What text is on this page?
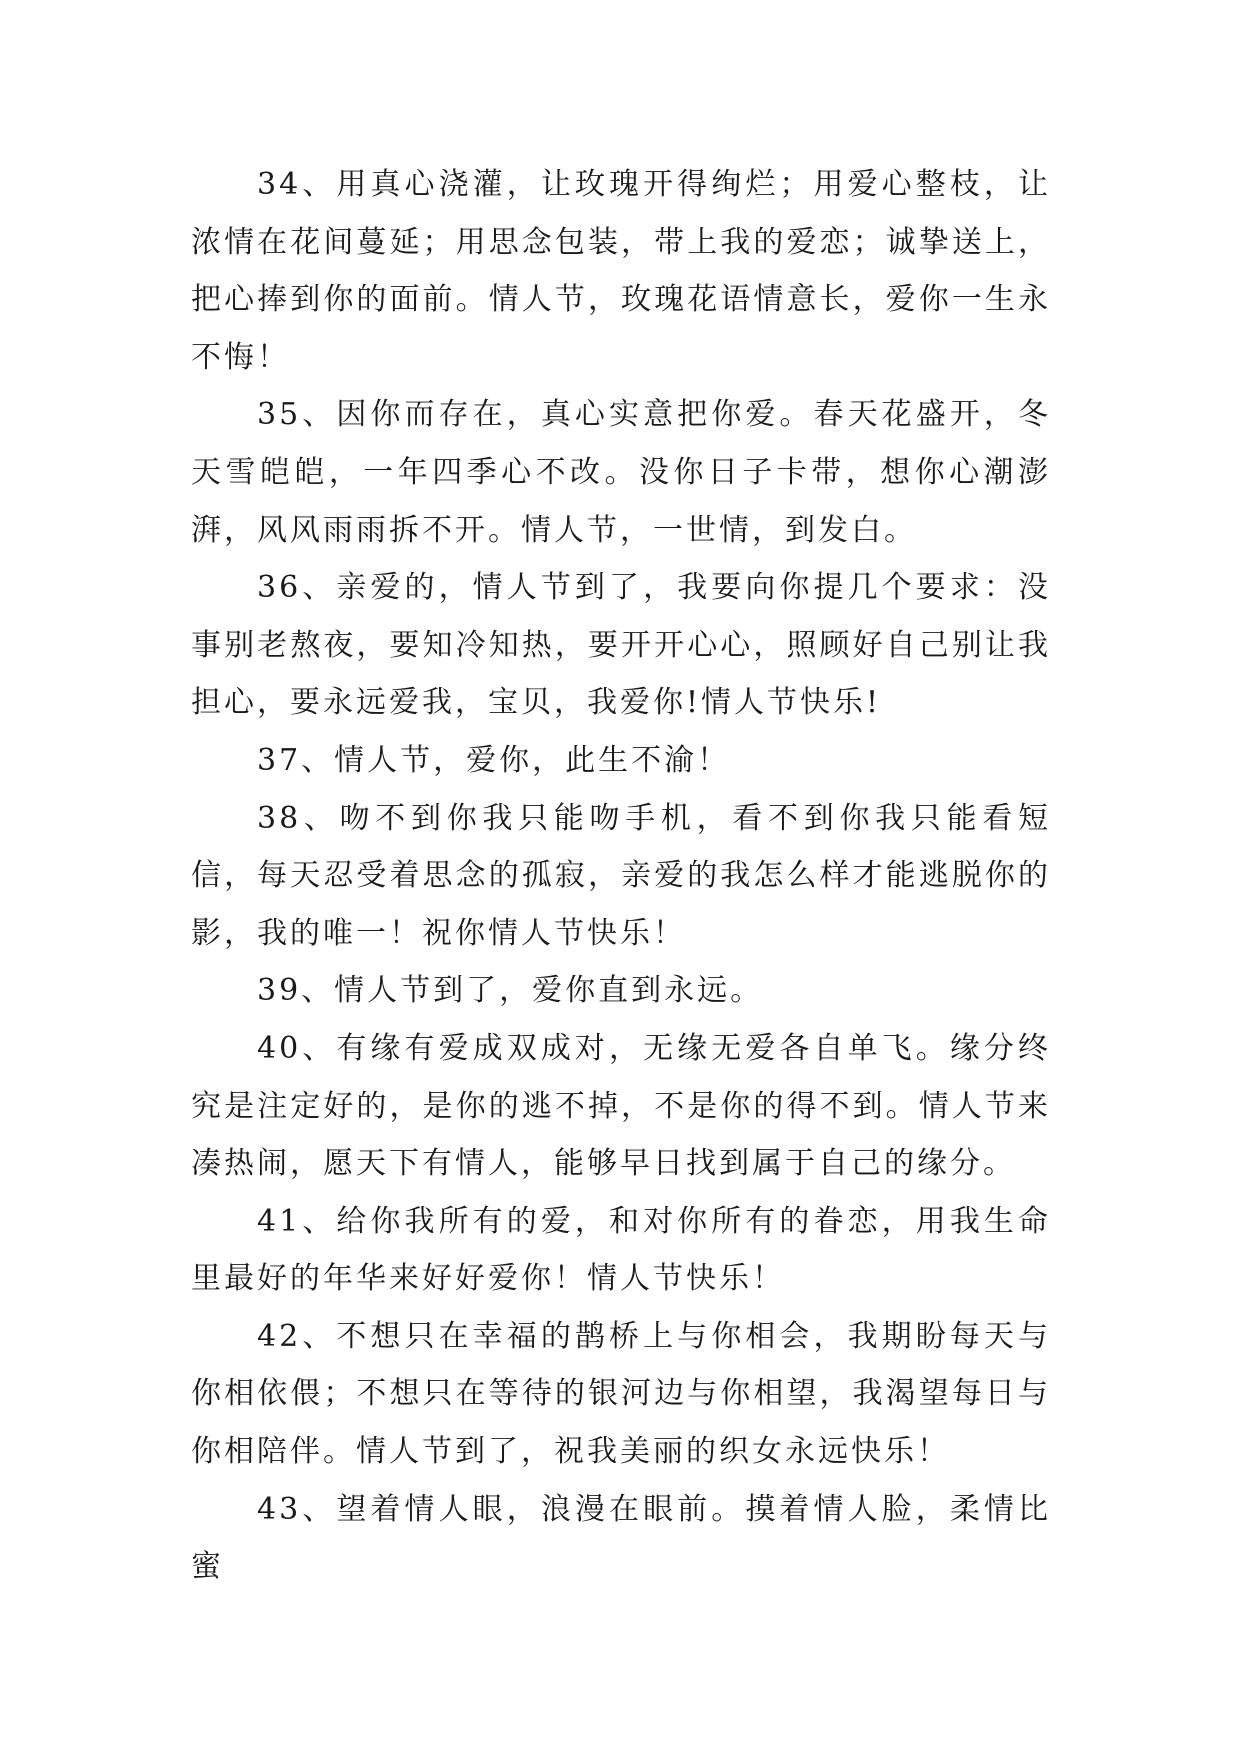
34、用真心浇灌，让玫瑰开得绚烂；用爱心整枝，让浓情在花间蔓延；用思念包装，带上我的爱恋；诚挚送上，把心捧到你的面前。情人节，玫瑰花语情意长，爱你一生永不悔！

35、因你而存在，真心实意把你爱。春天花盛开，冬天雪皑皑，一年四季心不改。没你日子卡带，想你心潮澎湃，风风雨雨拆不开。情人节，一世情，到发白。

36、亲爱的，情人节到了，我要向你提几个要求：没事别老熬夜，要知冷知热，要开开心心，照顾好自己别让我担心，要永远爱我，宝贝，我爱你!情人节快乐!

37、情人节，爱你，此生不渝！

38、吻不到你我只能吻手机，看不到你我只能看短信，每天忍受着思念的孤寂，亲爱的我怎么样才能逃脱你的影，我的唯一！祝你情人节快乐！

39、情人节到了，爱你直到永远。

40、有缘有爱成双成对，无缘无爱各自单飞。缘分终究是注定好的，是你的逃不掉，不是你的得不到。情人节来凑热闹，愿天下有情人，能够早日找到属于自己的缘分。

41、给你我所有的爱，和对你所有的眷恋，用我生命里最好的年华来好好爱你！情人节快乐！

42、不想只在幸福的鹊桥上与你相会，我期盼每天与你相依偎；不想只在等待的银河边与你相望，我渴望每日与你相陪伴。情人节到了，祝我美丽的织女永远快乐！

43、望着情人眼，浪漫在眼前。摸着情人脸，柔情比蜜
